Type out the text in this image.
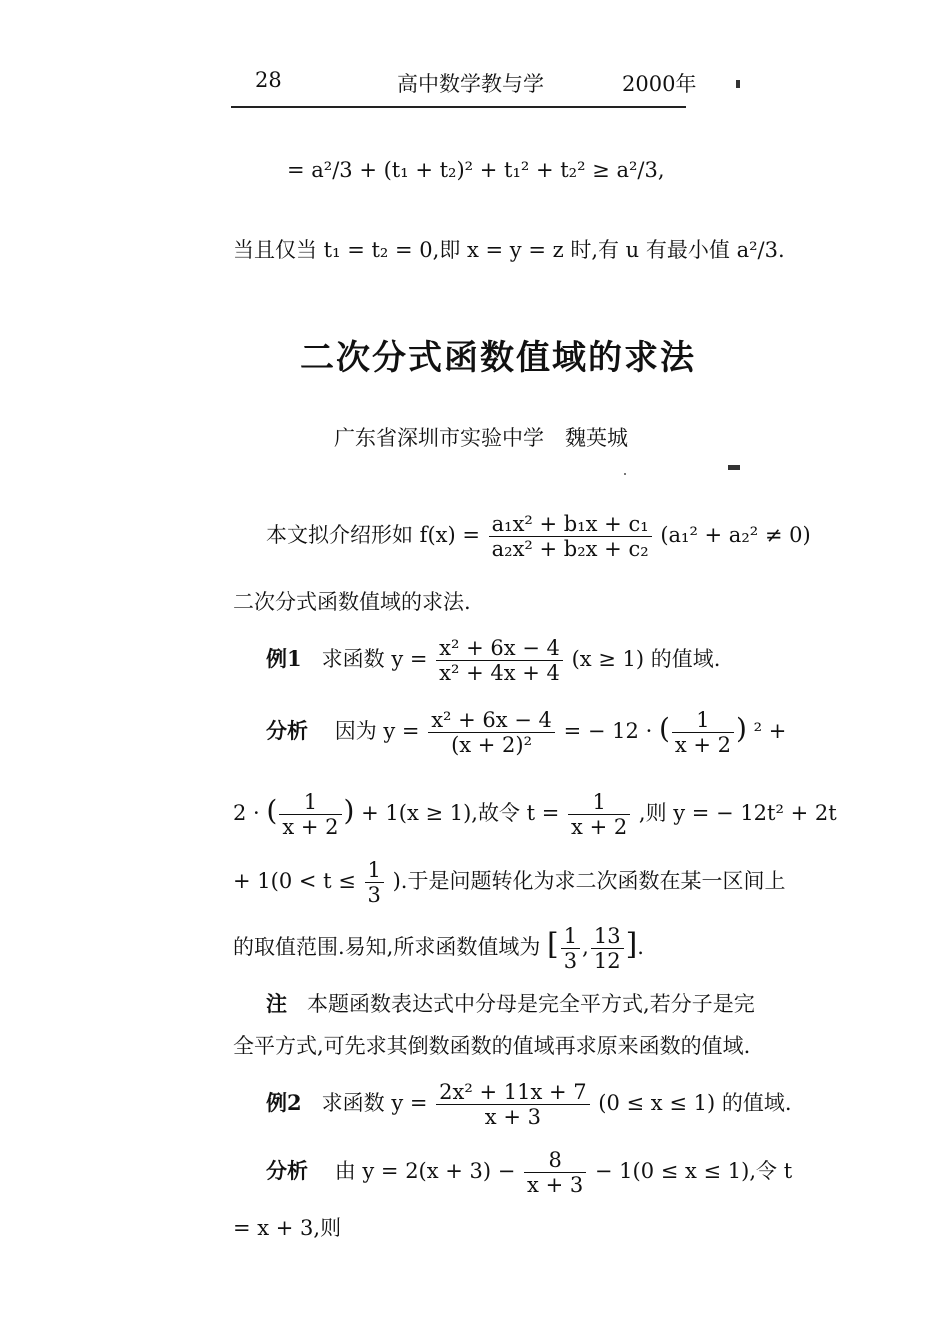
28	高中数学教与学	2000年
= a²/3 + (t₁ + t₂)² + t₁² + t₂² ≥ a²/3,
当且仅当 t₁ = t₂ = 0,即 x = y = z 时,有 u 有最小值 a²/3.
二次分式函数值域的求法
广东省深圳市实验中学　魏英城
本文拟介绍形如 $f(x) = \frac{\text{a₁x² + b₁x + c₁}}{\text{a₂x² + b₂x + c₂}} (a_1^2 + a_2^2 \ne 0)$
二次分式函数值域的求法.
例1 求函数 $y = \frac{\text{x² + 6x − 4}}{\text{x² + 4x + 4}} (x \ge 1)$ 的值域.
分析 因为 $y = \frac{\text{x² + 6x − 4}}{\text{(x + 2)²}}$ = − 12 · ( $\frac{1}{x + 2}$ ) ² +
2 · ( $\frac{1}{x + 2}$ ) + 1(x ≥ 1),故令 $t = \frac{1}{x + 2}$ ,则 y = − 12t² + 2t
+ $1(0 < t \le \frac{1}{3}$ ).于是问题转化为求二次函数在某一区间上
的取值范围.易知,所求函数值域为 [ $\frac{1}{3}$ , $\frac{13}{12}$ ].
注 本题函数表达式中分母是完全平方式,若分子是完
全平方式,可先求其倒数函数的值域再求原来函数的值域.
例2 求函数 $y = \frac{\text{2x² + 11x + 7}}{x + 3} (0 \le x \le 1)$ 的值域.
分析 由 $y = 2(x + 3) - \frac{8}{x + 3} - 1(0 \le x \le 1)$,令 t
= x + 3,则
